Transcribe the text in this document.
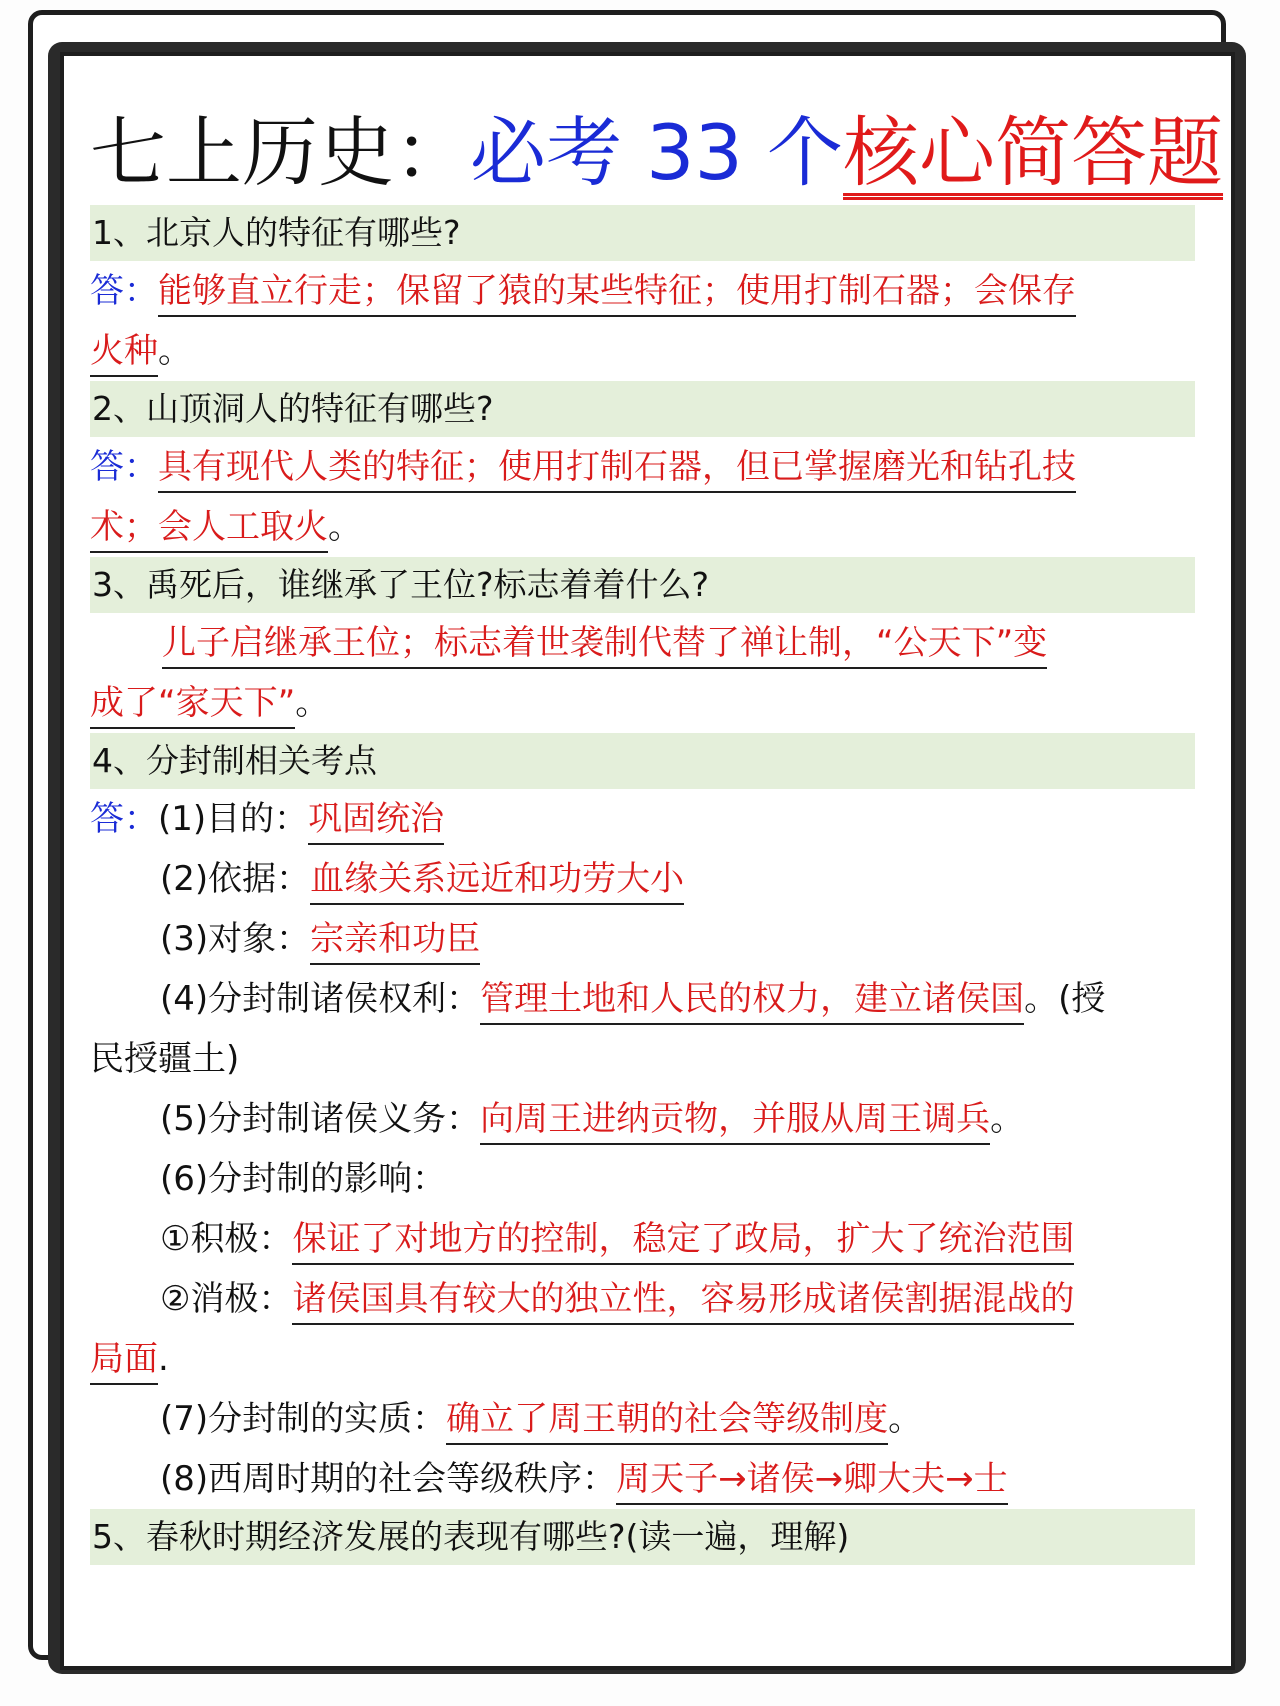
七上历史：必考 33 个核心简答题
1、北京人的特征有哪些?
答：能够直立行走；保留了猿的某些特征；使用打制石器；会保存
火种。
2、山顶洞人的特征有哪些?
答：具有现代人类的特征；使用打制石器，但已掌握磨光和钻孔技
术；会人工取火。
3、禹死后，谁继承了王位?标志着着什么?
儿子启继承王位；标志着世袭制代替了禅让制，“公天下”变
成了“家天下”。
4、分封制相关考点
答：(1)目的：巩固统治
(2)依据：血缘关系远近和功劳大小
(3)对象：宗亲和功臣
(4)分封制诸侯权利：管理土地和人民的权力，建立诸侯国。(授
民授疆土)
(5)分封制诸侯义务：向周王进纳贡物，并服从周王调兵。
(6)分封制的影响：
①积极：保证了对地方的控制，稳定了政局，扩大了统治范围
②消极：诸侯国具有较大的独立性，容易形成诸侯割据混战的
局面.
(7)分封制的实质：确立了周王朝的社会等级制度。
(8)西周时期的社会等级秩序：周天子→诸侯→卿大夫→士
5、春秋时期经济发展的表现有哪些?(读一遍，理解)
